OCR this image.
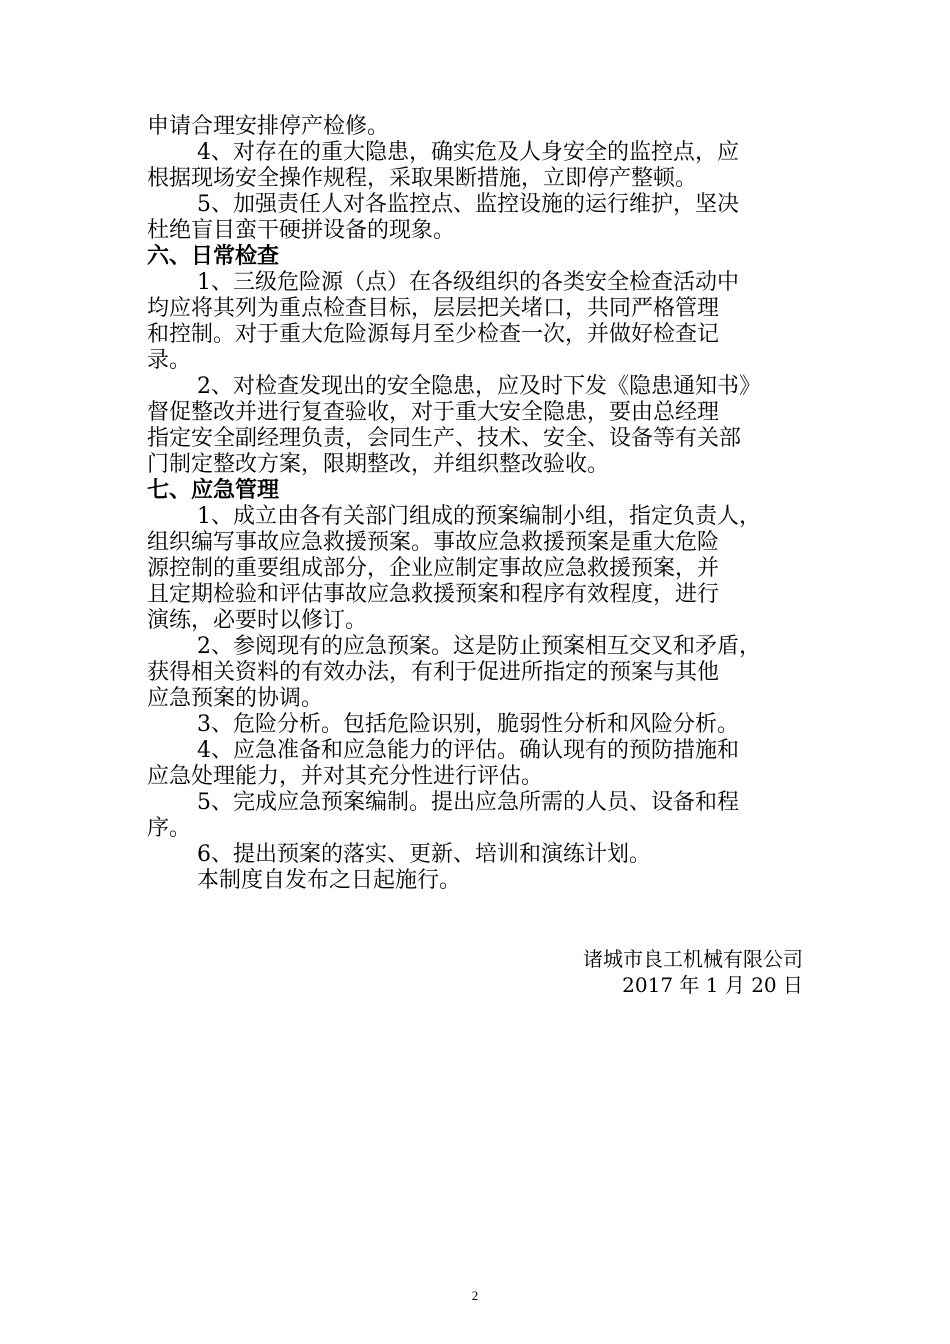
申请合理安排停产检修。
4、对存在的重大隐患，确实危及人身安全的监控点，应
根据现场安全操作规程，采取果断措施，立即停产整顿。
5、加强责任人对各监控点、监控设施的运行维护，坚决
杜绝盲目蛮干硬拼设备的现象。
六、日常检查
1、三级危险源（点）在各级组织的各类安全检查活动中
均应将其列为重点检查目标，层层把关堵口，共同严格管理
和控制。对于重大危险源每月至少检查一次，并做好检查记
录。
2、对检查发现出的安全隐患，应及时下发《隐患通知书》
督促整改并进行复查验收，对于重大安全隐患，要由总经理
指定安全副经理负责，会同生产、技术、安全、设备等有关部
门制定整改方案，限期整改，并组织整改验收。
七、应急管理
1、成立由各有关部门组成的预案编制小组，指定负责人，
组织编写事故应急救援预案。事故应急救援预案是重大危险
源控制的重要组成部分，企业应制定事故应急救援预案，并
且定期检验和评估事故应急救援预案和程序有效程度，进行
演练，必要时以修订。
2、参阅现有的应急预案。这是防止预案相互交叉和矛盾，
获得相关资料的有效办法，有利于促进所指定的预案与其他
应急预案的协调。
3、危险分析。包括危险识别，脆弱性分析和风险分析。
4、应急准备和应急能力的评估。确认现有的预防措施和
应急处理能力，并对其充分性进行评估。
5、完成应急预案编制。提出应急所需的人员、设备和程
序。
6、提出预案的落实、更新、培训和演练计划。
本制度自发布之日起施行。
诸城市良工机械有限公司
2017 年 1 月 20 日
2
